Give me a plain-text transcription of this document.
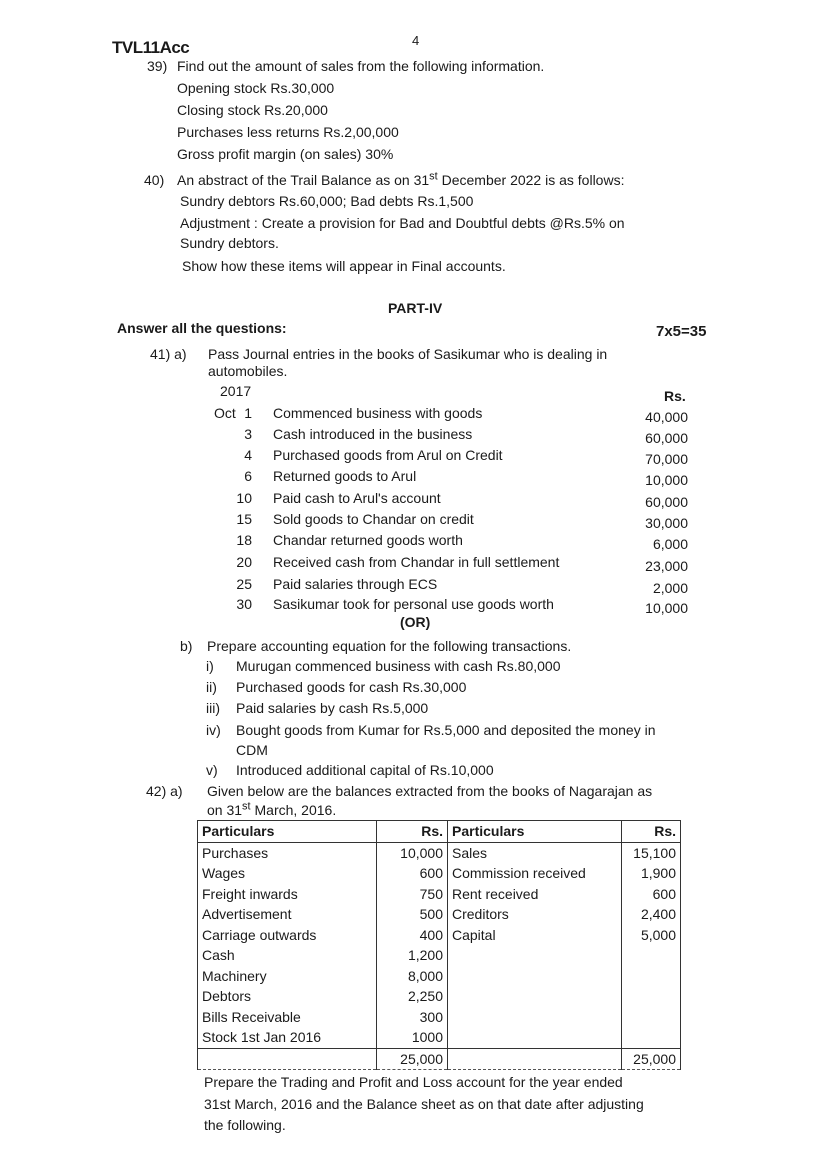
TVL11Acc	4
39) Find out the amount of sales from the following information.
Opening stock Rs.30,000
Closing stock Rs.20,000
Purchases less returns Rs.2,00,000
Gross profit margin (on sales) 30%
40) An abstract of the Trail Balance as on 31st December 2022 is as follows:
Sundry debtors Rs.60,000; Bad debts Rs.1,500
Adjustment : Create a provision for Bad and Doubtful debts @Rs.5% on
Sundry debtors.
Show how these items will appear in Final accounts.
PART-IV
Answer all the questions:	7x5=35
41) a) Pass Journal entries in the books of Sasikumar who is dealing in
automobiles.
2017	Rs.
Oct 1 Commenced business with goods	40,000
3 Cash introduced in the business	60,000
4 Purchased goods from Arul on Credit	70,000
6 Returned goods to Arul	10,000
10 Paid cash to Arul's account	60,000
15 Sold goods to Chandar on credit	30,000
18 Chandar returned goods worth	6,000
20 Received cash from Chandar in full settlement	23,000
25 Paid salaries through ECS	2,000
30 Sasikumar took for personal use goods worth	10,000
(OR)
b) Prepare accounting equation for the following transactions.
i) Murugan commenced business with cash Rs.80,000
ii) Purchased goods for cash Rs.30,000
iii) Paid salaries by cash Rs.5,000
iv) Bought goods from Kumar for Rs.5,000 and deposited the money in
CDM
v) Introduced additional capital of Rs.10,000
42) a) Given below are the balances extracted from the books of Nagarajan as
on 31st March, 2016.
Particulars	Rs.	Particulars	Rs.
Purchases	10,000	Sales	15,100
Wages	600	Commission received	1,900
Freight inwards	750	Rent received	600
Advertisement	500	Creditors	2,400
Carriage outwards	400	Capital	5,000
Cash	1,200		
Machinery	8,000		
Debtors	2,250		
Bills Receivable	300		
Stock 1st Jan 2016	1000		
	25,000		25,000
Prepare the Trading and Profit and Loss account for the year ended
31st March, 2016 and the Balance sheet as on that date after adjusting
the following.
